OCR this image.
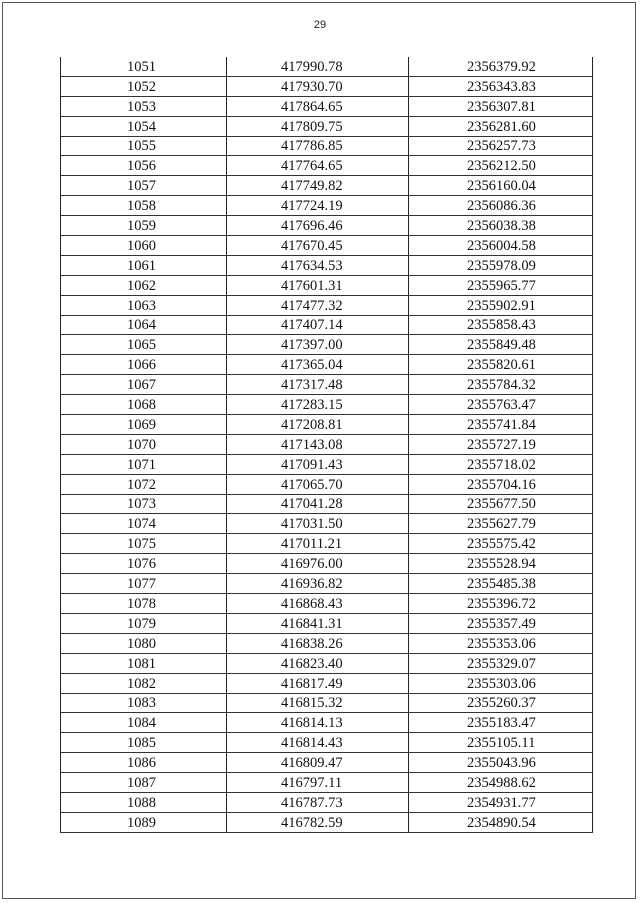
29
1051	417990.78	2356379.92
1052	417930.70	2356343.83
1053	417864.65	2356307.81
1054	417809.75	2356281.60
1055	417786.85	2356257.73
1056	417764.65	2356212.50
1057	417749.82	2356160.04
1058	417724.19	2356086.36
1059	417696.46	2356038.38
1060	417670.45	2356004.58
1061	417634.53	2355978.09
1062	417601.31	2355965.77
1063	417477.32	2355902.91
1064	417407.14	2355858.43
1065	417397.00	2355849.48
1066	417365.04	2355820.61
1067	417317.48	2355784.32
1068	417283.15	2355763.47
1069	417208.81	2355741.84
1070	417143.08	2355727.19
1071	417091.43	2355718.02
1072	417065.70	2355704.16
1073	417041.28	2355677.50
1074	417031.50	2355627.79
1075	417011.21	2355575.42
1076	416976.00	2355528.94
1077	416936.82	2355485.38
1078	416868.43	2355396.72
1079	416841.31	2355357.49
1080	416838.26	2355353.06
1081	416823.40	2355329.07
1082	416817.49	2355303.06
1083	416815.32	2355260.37
1084	416814.13	2355183.47
1085	416814.43	2355105.11
1086	416809.47	2355043.96
1087	416797.11	2354988.62
1088	416787.73	2354931.77
1089	416782.59	2354890.54
